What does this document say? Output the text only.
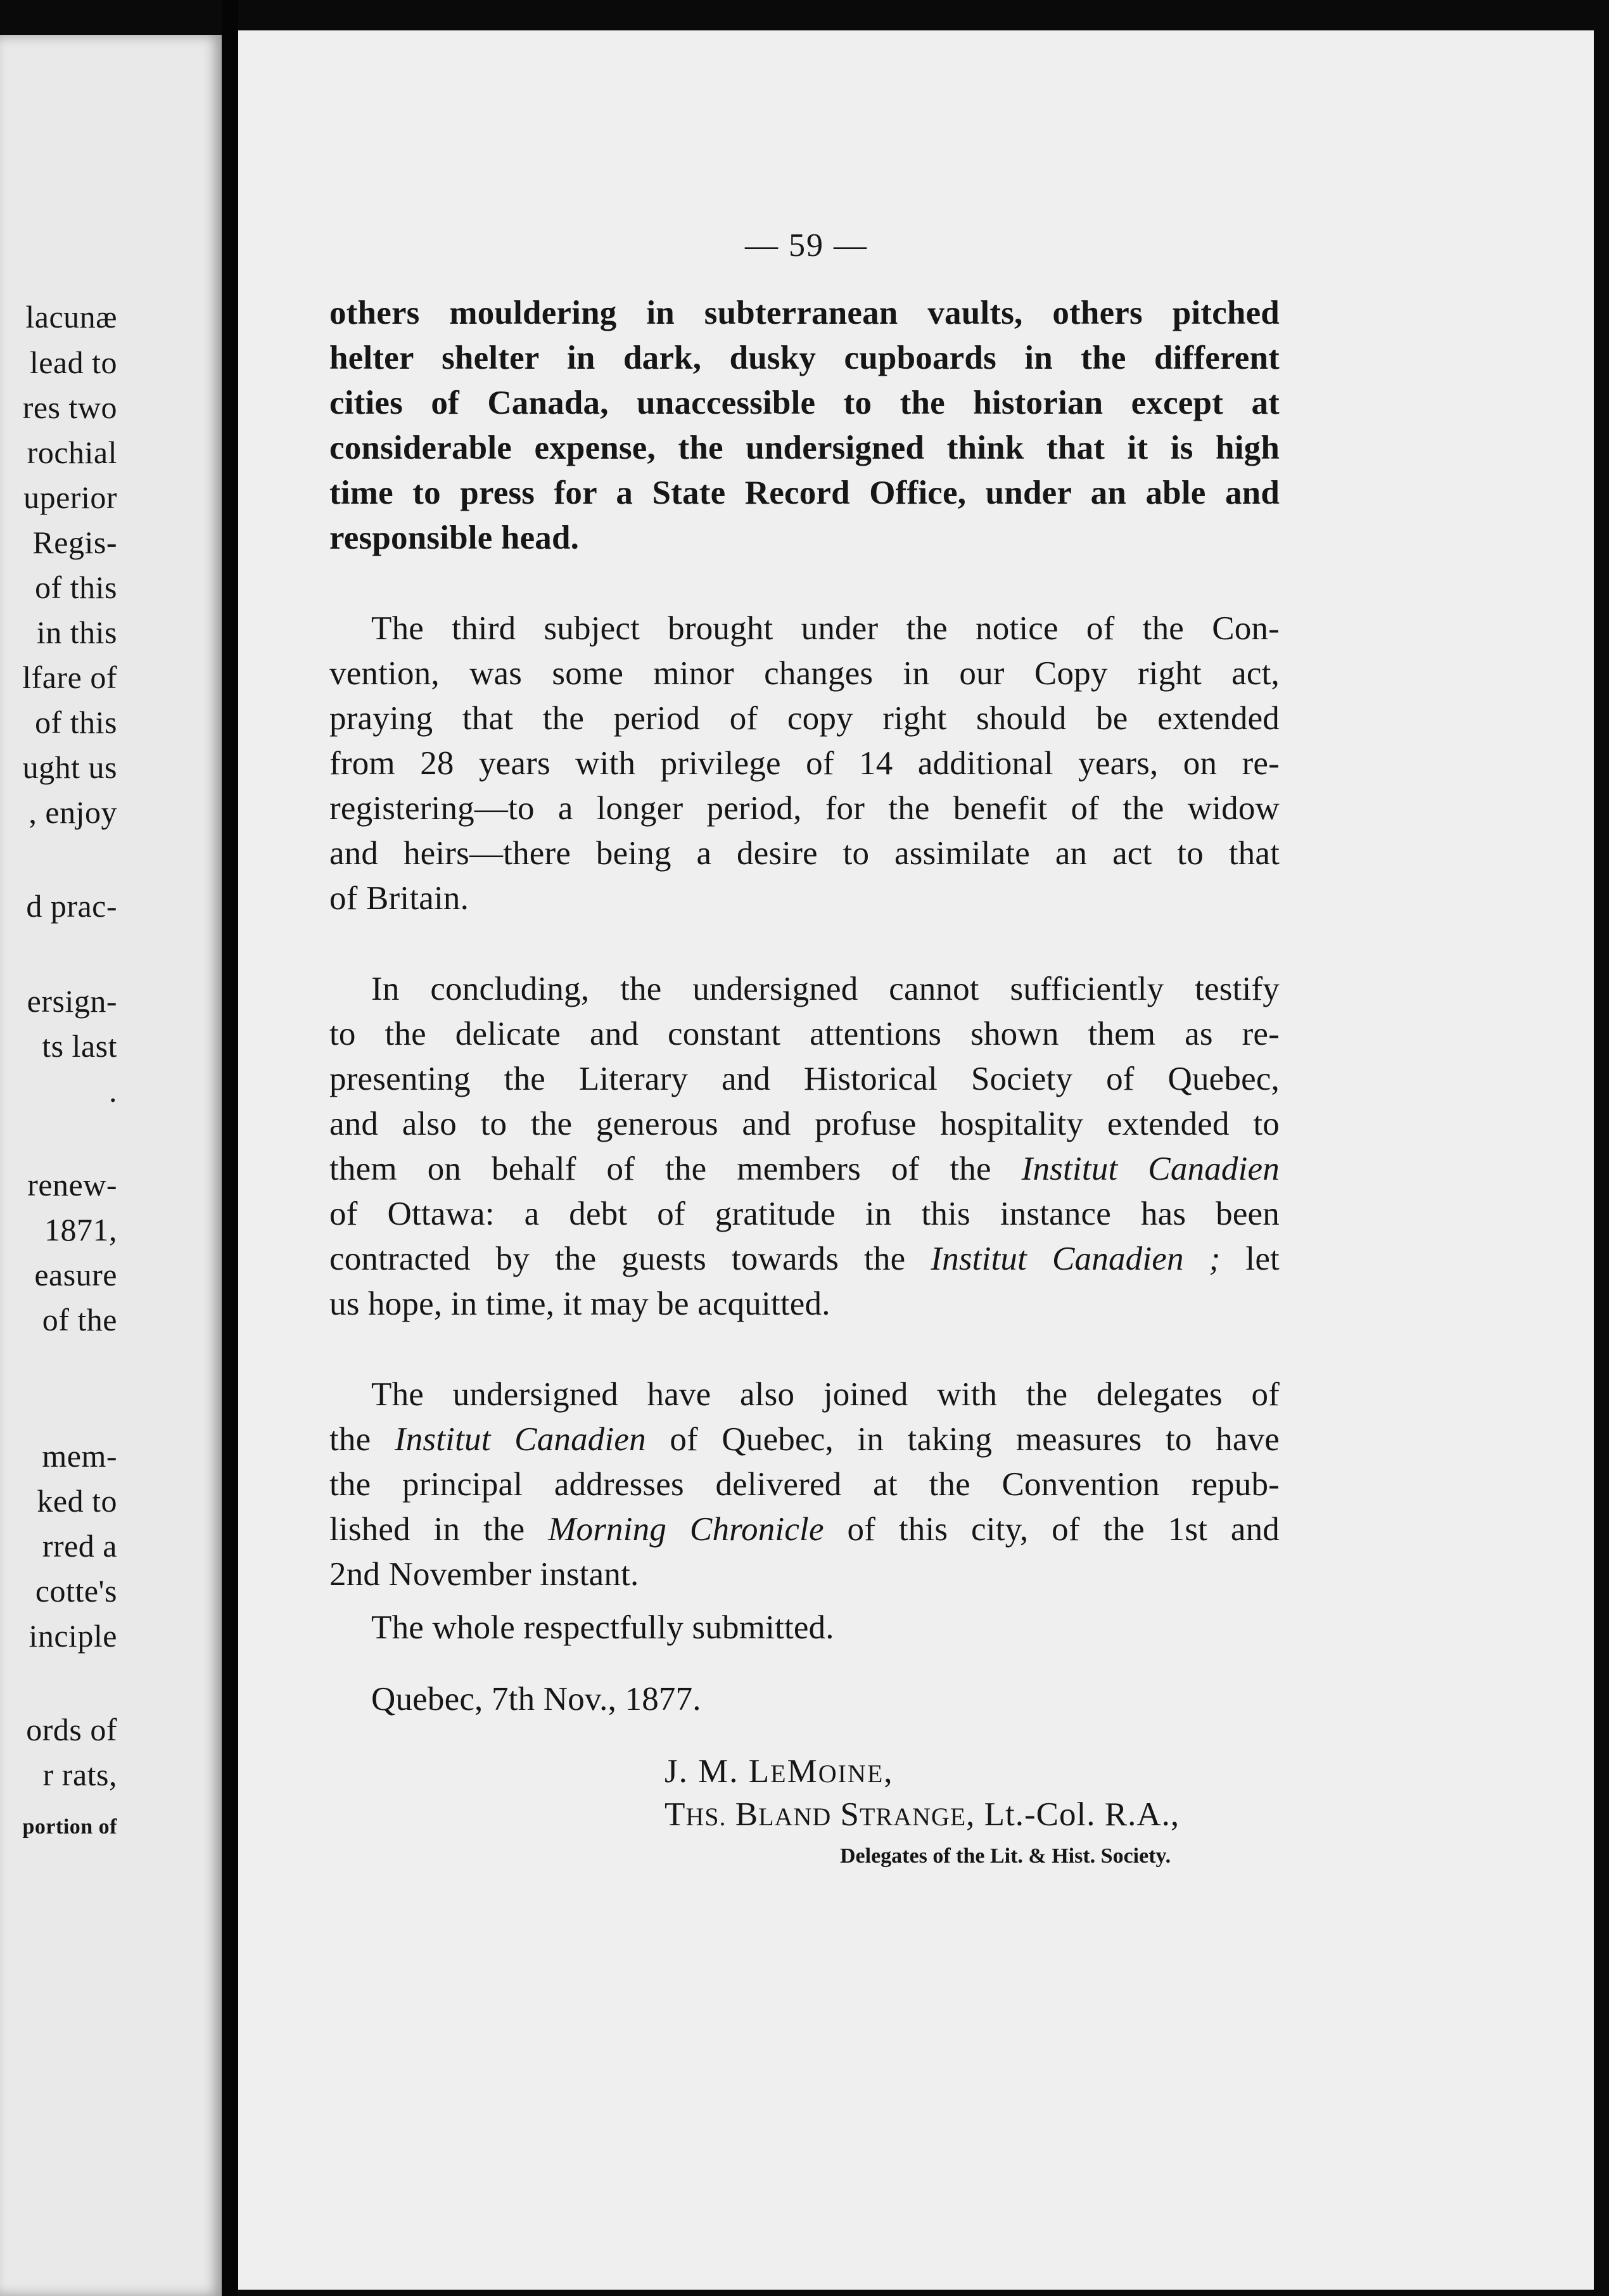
lacunæ
lead to
res two
rochial
uperior
Regis-
of this
in this
lfare of
of this
ught us
, enjoy
d prac-
ersign-
ts last
.
renew-
1871,
easure
of the
mem-
ked to
rred a
cotte's
inciple
ords of
r rats,
portion of
— 59 —
others mouldering in subterranean vaults, others pitched
helter shelter in dark, dusky cupboards in the different
cities of Canada, unaccessible to the historian except at
considerable expense, the undersigned think that it is high
time to press for a State Record Office, under an able and
responsible head.
The third subject brought under the notice of the Con-
vention, was some minor changes in our Copy right act,
praying that the period of copy right should be extended
from 28 years with privilege of 14 additional years, on re-
registering—to a longer period, for the benefit of the widow
and heirs—there being a desire to assimilate an act to that
of Britain.
In concluding, the undersigned cannot sufficiently testify
to the delicate and constant attentions shown them as re-
presenting the Literary and Historical Society of Quebec,
and also to the generous and profuse hospitality extended to
them on behalf of the members of the Institut Canadien
of Ottawa: a debt of gratitude in this instance has been
contracted by the guests towards the Institut Canadien ; let
us hope, in time, it may be acquitted.
The undersigned have also joined with the delegates of
the Institut Canadien of Quebec, in taking measures to have
the principal addresses delivered at the Convention repub-
lished in the Morning Chronicle of this city, of the 1st and
2nd November instant.
The whole respectfully submitted.
Quebec, 7th Nov., 1877.
J. M. LEMOINE,
THS. BLAND STRANGE, Lt.-Col. R.A.,
Delegates of the Lit. & Hist. Society.
